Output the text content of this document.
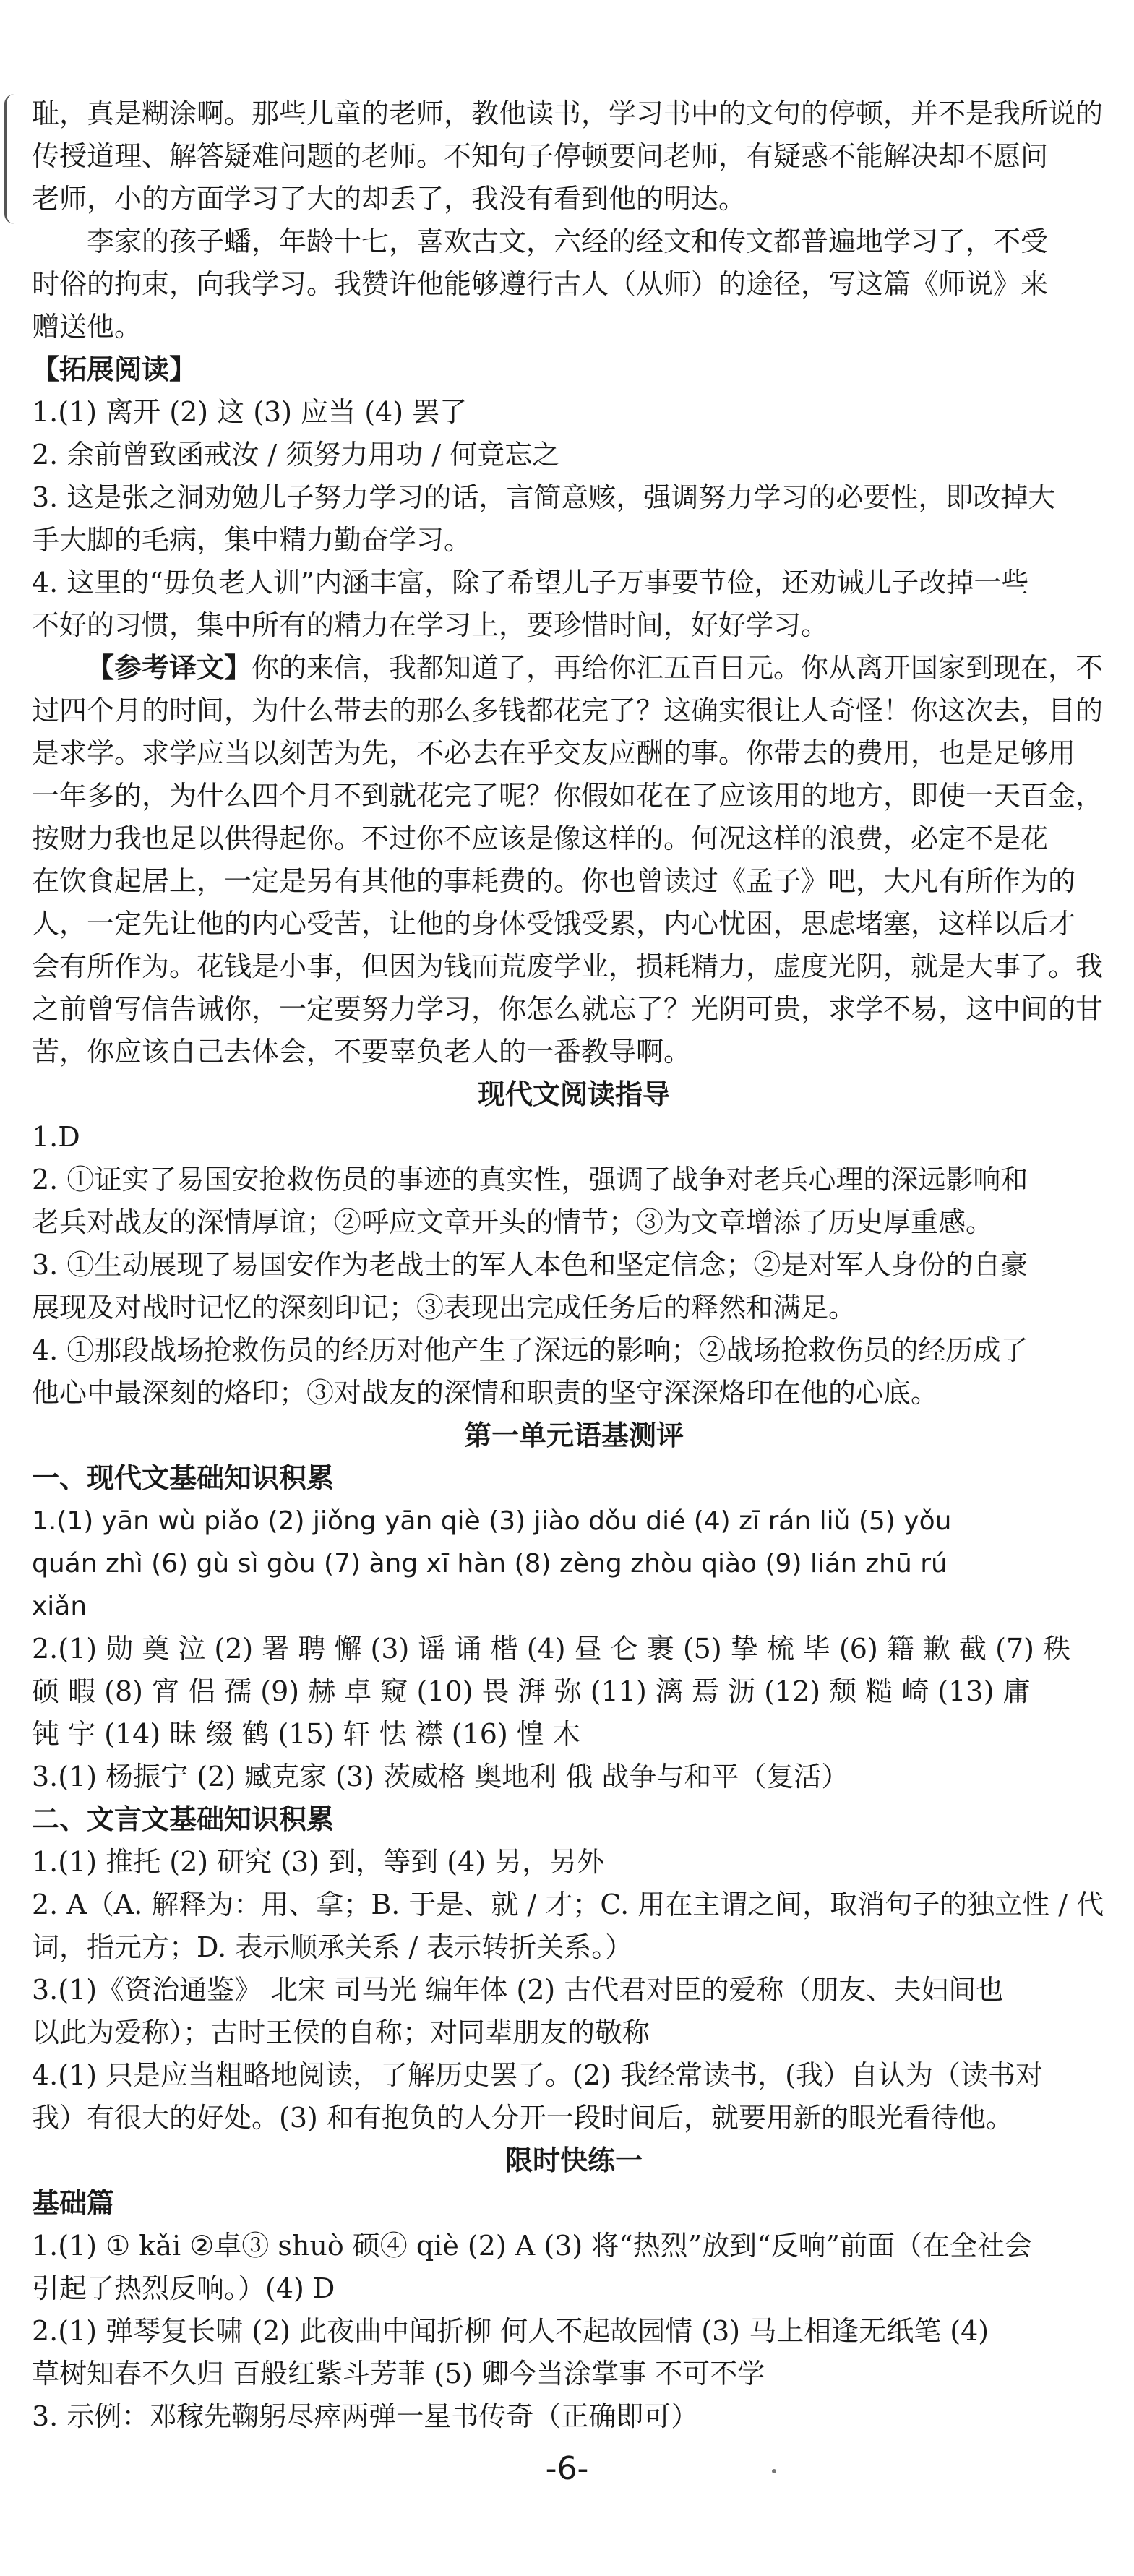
耻，真是糊涂啊。那些儿童的老师，教他读书，学习书中的文句的停顿，并不是我所说的

传授道理、解答疑难问题的老师。不知句子停顿要问老师，有疑惑不能解决却不愿问

老师，小的方面学习了大的却丢了，我没有看到他的明达。

李家的孩子蟠，年龄十七，喜欢古文，六经的经文和传文都普遍地学习了，不受

时俗的拘束，向我学习。我赞许他能够遵行古人（从师）的途径，写这篇《师说》来

赠送他。

【拓展阅读】

1.(1) 离开 (2) 这 (3) 应当 (4) 罢了

2. 余前曾致函戒汝 / 须努力用功 / 何竟忘之

3. 这是张之洞劝勉儿子努力学习的话，言简意赅，强调努力学习的必要性，即改掉大

手大脚的毛病，集中精力勤奋学习。

4. 这里的“毋负老人训”内涵丰富，除了希望儿子万事要节俭，还劝诫儿子改掉一些

不好的习惯，集中所有的精力在学习上，要珍惜时间，好好学习。

【参考译文】你的来信，我都知道了，再给你汇五百日元。你从离开国家到现在，不

过四个月的时间，为什么带去的那么多钱都花完了？这确实很让人奇怪！你这次去，目的

是求学。求学应当以刻苦为先，不必去在乎交友应酬的事。你带去的费用，也是足够用

一年多的，为什么四个月不到就花完了呢？你假如花在了应该用的地方，即使一天百金，

按财力我也足以供得起你。不过你不应该是像这样的。何况这样的浪费，必定不是花

在饮食起居上，一定是另有其他的事耗费的。你也曾读过《孟子》吧，大凡有所作为的

人，一定先让他的内心受苦，让他的身体受饿受累，内心忧困，思虑堵塞，这样以后才

会有所作为。花钱是小事，但因为钱而荒废学业，损耗精力，虚度光阴，就是大事了。我

之前曾写信告诫你，一定要努力学习，你怎么就忘了？光阴可贵，求学不易，这中间的甘

苦，你应该自己去体会，不要辜负老人的一番教导啊。

现代文阅读指导

1.D

2. ①证实了易国安抢救伤员的事迹的真实性，强调了战争对老兵心理的深远影响和

老兵对战友的深情厚谊；②呼应文章开头的情节；③为文章增添了历史厚重感。

3. ①生动展现了易国安作为老战士的军人本色和坚定信念；②是对军人身份的自豪

展现及对战时记忆的深刻印记；③表现出完成任务后的释然和满足。

4. ①那段战场抢救伤员的经历对他产生了深远的影响；②战场抢救伤员的经历成了

他心中最深刻的烙印；③对战友的深情和职责的坚守深深烙印在他的心底。

第一单元语基测评

一、现代文基础知识积累

1.(1) yān wù piǎo (2) jiǒng yān qiè (3) jiào dǒu dié (4) zī rán liǔ (5) yǒu

quán zhì (6) gù sì gòu (7) àng xī hàn (8) zèng zhòu qiào (9) lián zhū rú

xiǎn

2.(1) 勋 奠 泣 (2) 署 聘 懈 (3) 谣 诵 楷 (4) 昼 仑 裹 (5) 挚 梳 毕 (6) 籍 歉 截 (7) 秩

硕 暇 (8) 宵 侣 孺 (9) 赫 卓 窥 (10) 畏 湃 弥 (11) 漓 焉 沥 (12) 颓 糙 崎 (13) 庸

钝 宇 (14) 昧 缀 鹤 (15) 轩 怯 襟 (16) 惶 木

3.(1) 杨振宁 (2) 臧克家 (3) 茨威格 奥地利 俄 战争与和平（复活）

二、文言文基础知识积累

1.(1) 推托 (2) 研究 (3) 到，等到 (4) 另，另外

2. A（A. 解释为：用、拿；B. 于是、就 / 才；C. 用在主谓之间，取消句子的独立性 / 代

词，指元方；D. 表示顺承关系 / 表示转折关系。）

3.(1)《资治通鉴》 北宋 司马光 编年体 (2) 古代君对臣的爱称（朋友、夫妇间也

以此为爱称）；古时王侯的自称；对同辈朋友的敬称

4.(1) 只是应当粗略地阅读，了解历史罢了。(2) 我经常读书，(我）自认为（读书对

我）有很大的好处。(3) 和有抱负的人分开一段时间后，就要用新的眼光看待他。

限时快练一

基础篇

1.(1) ① kǎi ②卓③ shuò 硕④ qiè (2) A (3) 将“热烈”放到“反响”前面（在全社会

引起了热烈反响。）(4) D

2.(1) 弹琴复长啸 (2) 此夜曲中闻折柳 何人不起故园情 (3) 马上相逢无纸笔 (4)

草树知春不久归 百般红紫斗芳菲 (5) 卿今当涂掌事 不可不学

3. 示例：邓稼先鞠躬尽瘁两弹一星书传奇（正确即可）

-6-
